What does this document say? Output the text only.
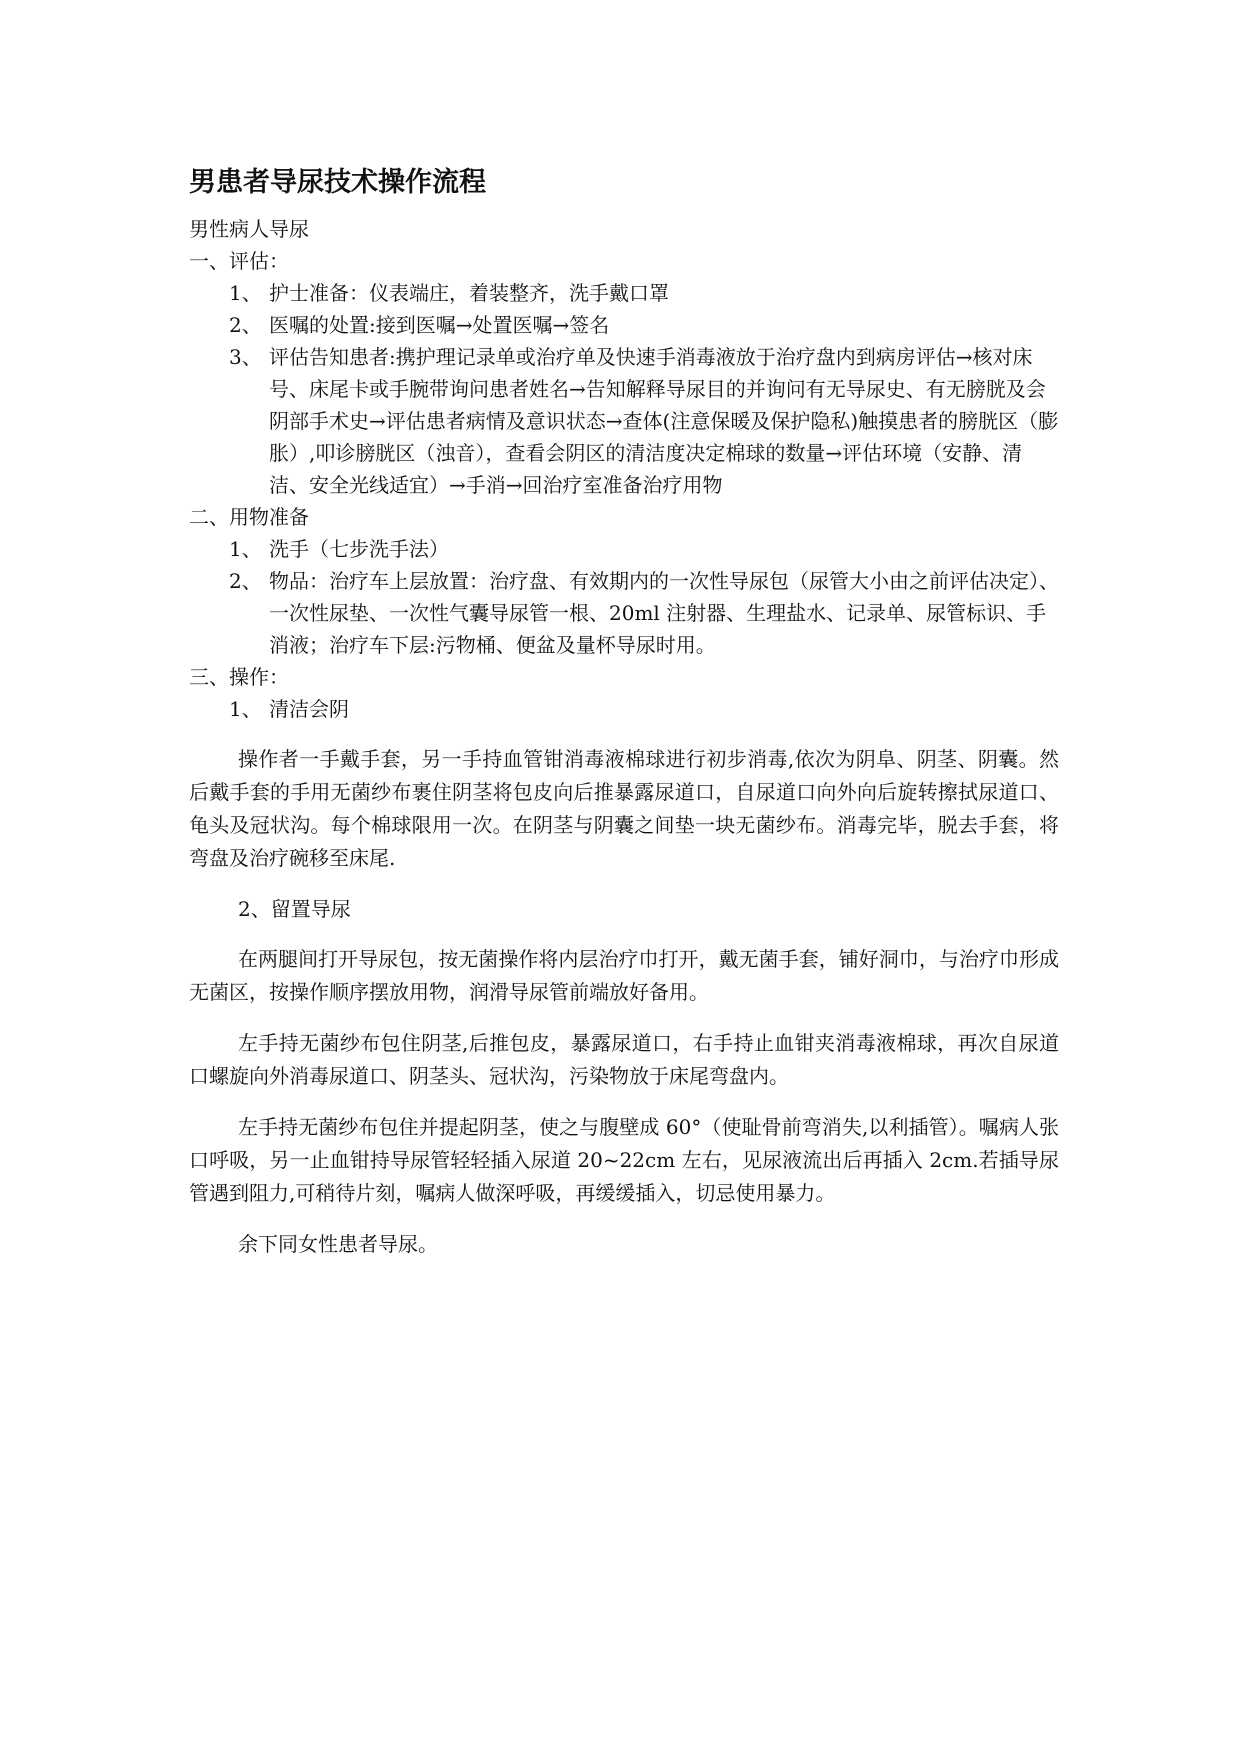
男患者导尿技术操作流程
男性病人导尿
一、评估：
1、 护士准备：仪表端庄，着装整齐，洗手戴口罩
2、 医嘱的处置:接到医嘱→处置医嘱→签名
3、 评估告知患者:携护理记录单或治疗单及快速手消毒液放于治疗盘内到病房评估→核对床号、床尾卡或手腕带询问患者姓名→告知解释导尿目的并询问有无导尿史、有无膀胱及会阴部手术史→评估患者病情及意识状态→查体(注意保暖及保护隐私)触摸患者的膀胱区（膨胀）,叩诊膀胱区（浊音），查看会阴区的清洁度决定棉球的数量→评估环境（安静、清洁、安全光线适宜）→手消→回治疗室准备治疗用物
二、用物准备
1、 洗手（七步洗手法）
2、 物品：治疗车上层放置：治疗盘、有效期内的一次性导尿包（尿管大小由之前评估决定）、一次性尿垫、一次性气囊导尿管一根、20ml 注射器、生理盐水、记录单、尿管标识、手消液；治疗车下层:污物桶、便盆及量杯导尿时用。
三、操作：
1、 清洁会阴

操作者一手戴手套，另一手持血管钳消毒液棉球进行初步消毒,依次为阴阜、阴茎、阴囊。然后戴手套的手用无菌纱布裹住阴茎将包皮向后推暴露尿道口，自尿道口向外向后旋转擦拭尿道口、龟头及冠状沟。每个棉球限用一次。在阴茎与阴囊之间垫一块无菌纱布。消毒完毕，脱去手套，将弯盘及治疗碗移至床尾.

2、留置导尿

在两腿间打开导尿包，按无菌操作将内层治疗巾打开，戴无菌手套，铺好洞巾，与治疗巾形成无菌区，按操作顺序摆放用物，润滑导尿管前端放好备用。

左手持无菌纱布包住阴茎,后推包皮，暴露尿道口，右手持止血钳夹消毒液棉球，再次自尿道口螺旋向外消毒尿道口、阴茎头、冠状沟，污染物放于床尾弯盘内。

左手持无菌纱布包住并提起阴茎，使之与腹壁成 60°（使耻骨前弯消失,以利插管）。嘱病人张口呼吸，另一止血钳持导尿管轻轻插入尿道 20~22cm 左右，见尿液流出后再插入 2cm.若插导尿管遇到阻力,可稍待片刻，嘱病人做深呼吸，再缓缓插入，切忌使用暴力。

余下同女性患者导尿。
